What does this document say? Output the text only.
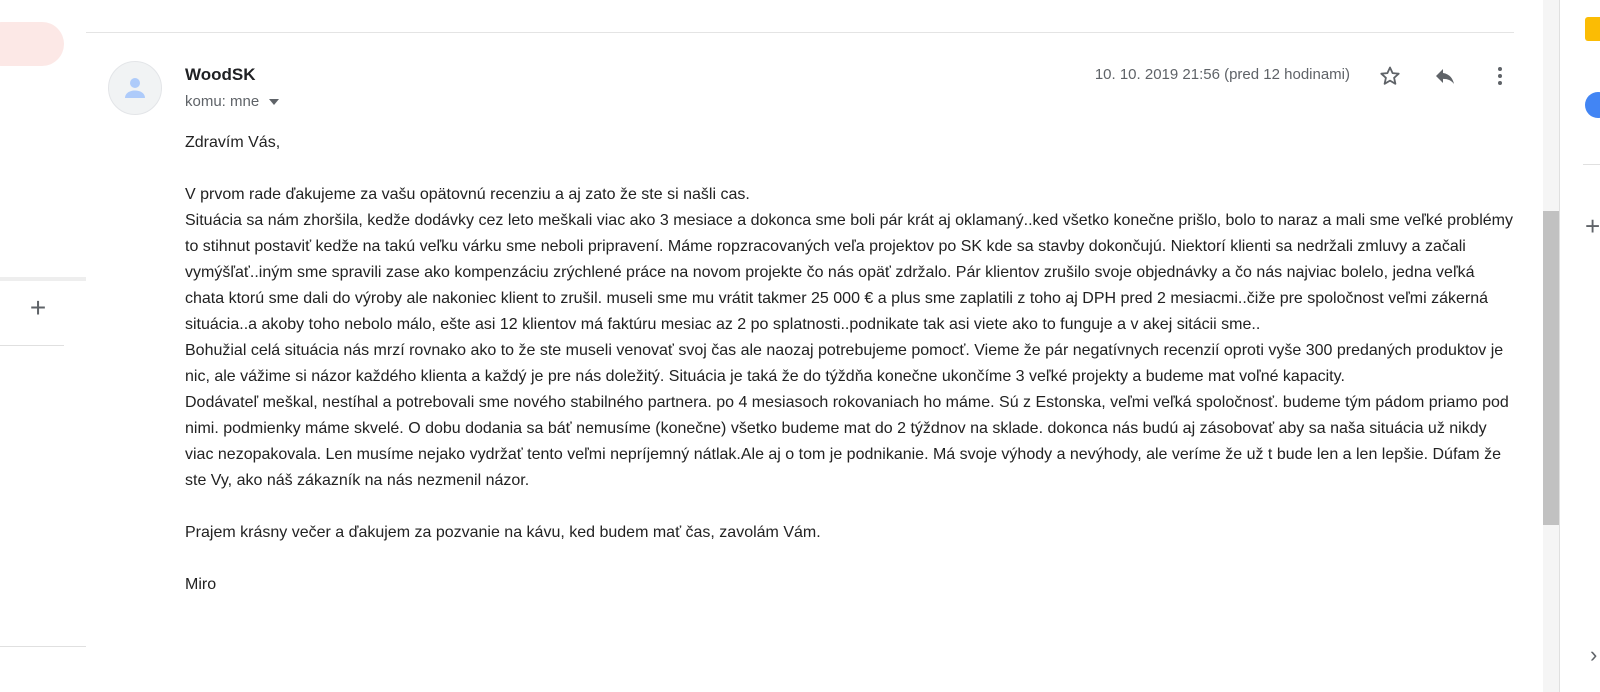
+
WoodSK
komu: mne
10. 10. 2019 21:56 (pred 12 hodinami)

Zdravím Vás,

V prvom rade ďakujeme za vašu opätovnú recenziu a aj zato že ste si našli cas.

Situácia sa nám zhoršila, kedže dodávky cez leto meškali viac ako 3 mesiace a dokonca sme boli pár krát aj oklamaný..ked všetko konečne prišlo, bolo to naraz a mali sme veľké problémy to stihnut postaviť kedže na takú veľku várku sme neboli pripravení. Máme ropzracovaných veľa projektov po SK kde sa stavby dokončujú. Niektorí klienti sa nedržali zmluvy a začali vymýšľať..iným sme spravili zase ako kompenzáciu zrýchlené práce na novom projekte čo nás opäť zdržalo. Pár klientov zrušilo svoje objednávky a čo nás najviac bolelo, jedna veľká chata ktorú sme dali do výroby ale nakoniec klient to zrušil. museli sme mu vrátit takmer 25 000 € a plus sme zaplatili z toho aj DPH pred 2 mesiacmi..čiže pre spoločnost veľmi zákerná situácia..a akoby toho nebolo málo, ešte asi 12 klientov má faktúru mesiac az 2 po splatnosti..podnikate tak asi viete ako to funguje a v akej sitácii sme..

Bohužial celá situácia nás mrzí rovnako ako to že ste museli venovať svoj čas ale naozaj potrebujeme pomocť. Vieme že pár negatívnych recenzií oproti vyše 300 predaných produktov je nic, ale vážime si názor každého klienta a každý je pre nás doležitý. Situácia je taká že do týždňa konečne ukončíme 3 veľké projekty a budeme mat voľné kapacity.

Dodávateľ meškal, nestíhal a potrebovali sme nového stabilného partnera. po 4 mesiasoch rokovaniach ho máme. Sú z Estonska, veľmi veľká spoločnosť. budeme tým pádom priamo pod nimi. podmienky máme skvelé. O dobu dodania sa báť nemusíme (konečne) všetko budeme mat do 2 týždnov na sklade. dokonca nás budú aj zásobovať aby sa naša situácia už nikdy viac nezopakovala. Len musíme nejako vydržať tento veľmi nepríjemný nátlak.Ale aj o tom je podnikanie. Má svoje výhody a nevýhody, ale veríme že už t bude len a len lepšie. Dúfam že ste Vy, ako náš zákazník na nás nezmenil názor.

Prajem krásny večer a ďakujem za pozvanie na kávu, ked budem mať čas, zavolám Vám.

Miro

+
›
